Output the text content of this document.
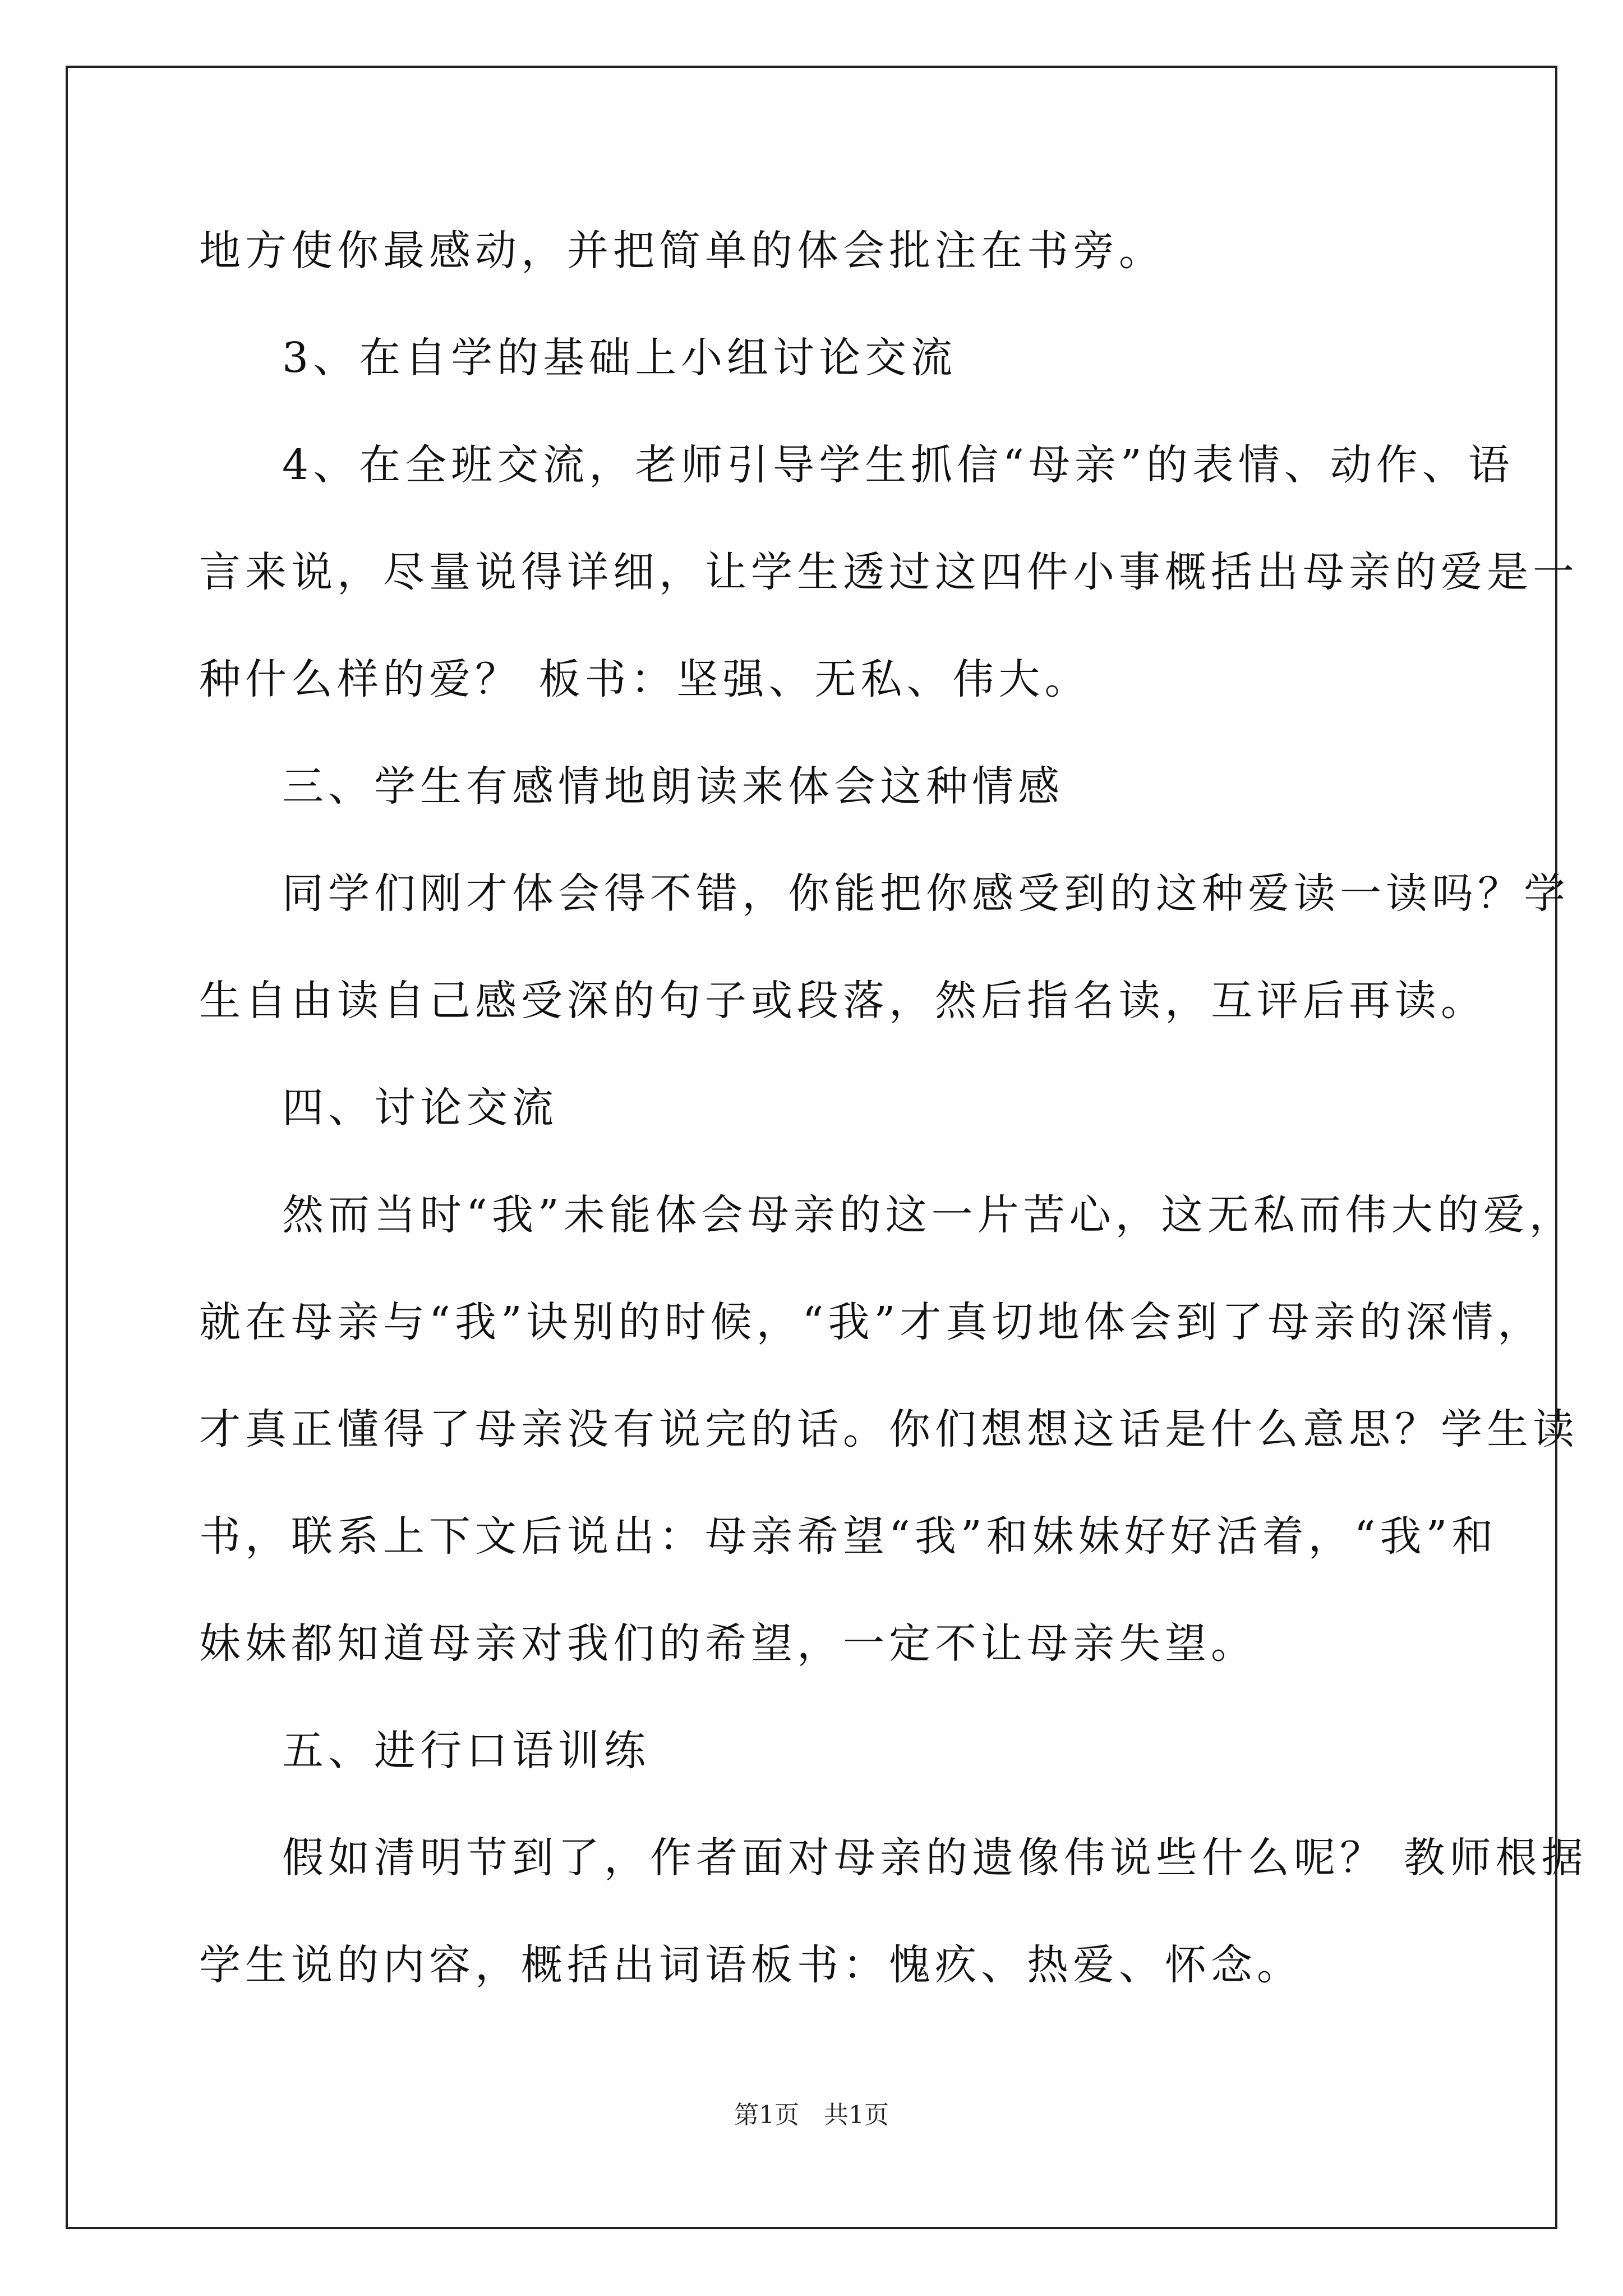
地方使你最感动，并把简单的体会批注在书旁。
3、在自学的基础上小组讨论交流
4、在全班交流，老师引导学生抓信“母亲”的表情、动作、语
言来说，尽量说得详细，让学生透过这四件小事概括出母亲的爱是一
种什么样的爱？ 板书：坚强、无私、伟大。
三、学生有感情地朗读来体会这种情感
同学们刚才体会得不错，你能把你感受到的这种爱读一读吗？学
生自由读自己感受深的句子或段落，然后指名读，互评后再读。
四、讨论交流
然而当时“我”未能体会母亲的这一片苦心，这无私而伟大的爱，
就在母亲与“我”诀别的时候，“我”才真切地体会到了母亲的深情，
才真正懂得了母亲没有说完的话。你们想想这话是什么意思？学生读
书，联系上下文后说出：母亲希望“我”和妹妹好好活着，“我”和
妹妹都知道母亲对我们的希望，一定不让母亲失望。
五、进行口语训练
假如清明节到了，作者面对母亲的遗像伟说些什么呢？ 教师根据
学生说的内容，概括出词语板书：愧疚、热爱、怀念。
第1页　共1页
